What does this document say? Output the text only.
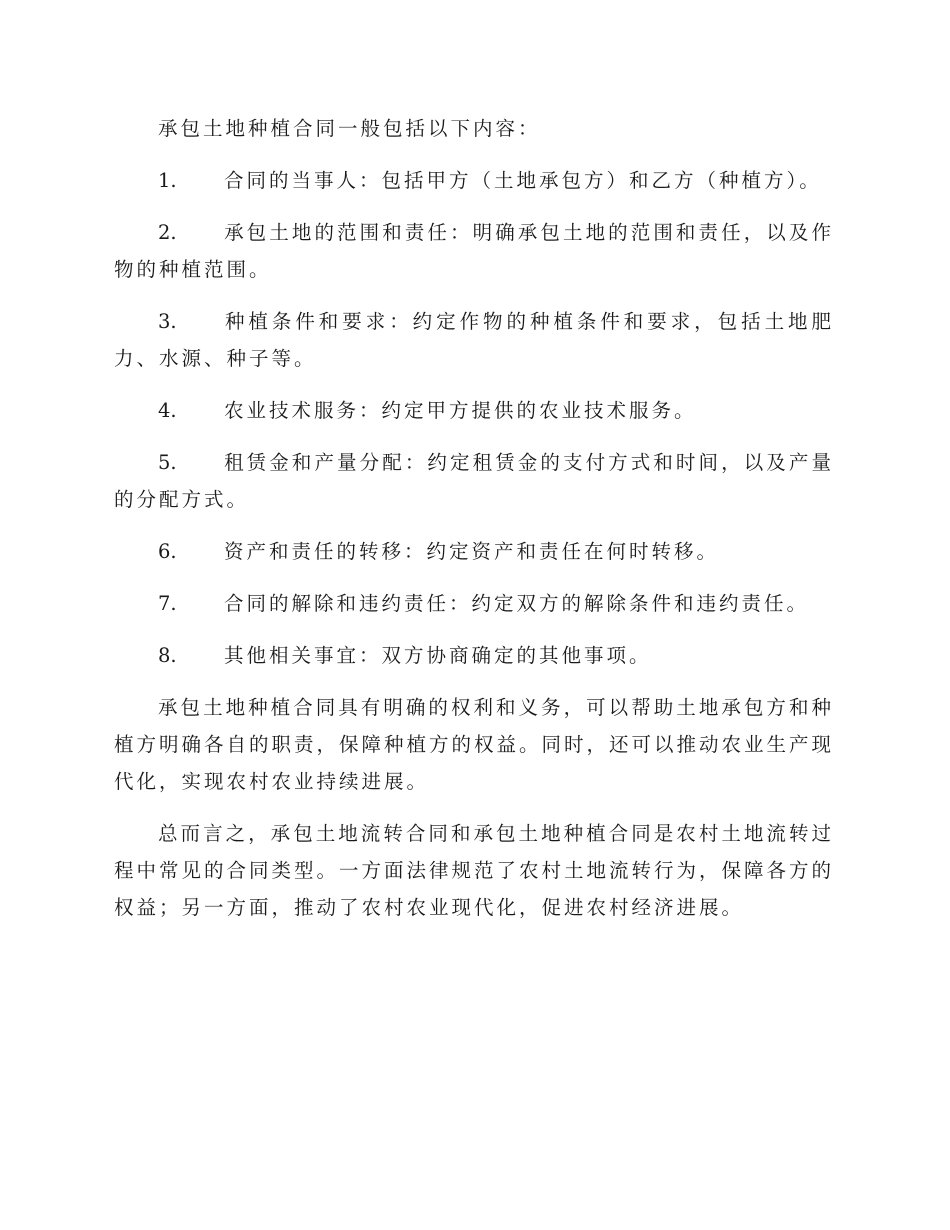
承包土地种植合同一般包括以下内容：

1. 合同的当事人：包括甲方（土地承包方）和乙方（种植方）。

2. 承包土地的范围和责任：明确承包土地的范围和责任，以及作物的种植范围。

3. 种植条件和要求：约定作物的种植条件和要求，包括土地肥力、水源、种子等。

4. 农业技术服务：约定甲方提供的农业技术服务。

5. 租赁金和产量分配：约定租赁金的支付方式和时间，以及产量的分配方式。

6. 资产和责任的转移：约定资产和责任在何时转移。

7. 合同的解除和违约责任：约定双方的解除条件和违约责任。

8. 其他相关事宜：双方协商确定的其他事项。

承包土地种植合同具有明确的权利和义务，可以帮助土地承包方和种植方明确各自的职责，保障种植方的权益。同时，还可以推动农业生产现代化，实现农村农业持续进展。

总而言之，承包土地流转合同和承包土地种植合同是农村土地流转过程中常见的合同类型。一方面法律规范了农村土地流转行为，保障各方的权益；另一方面，推动了农村农业现代化，促进农村经济进展。
